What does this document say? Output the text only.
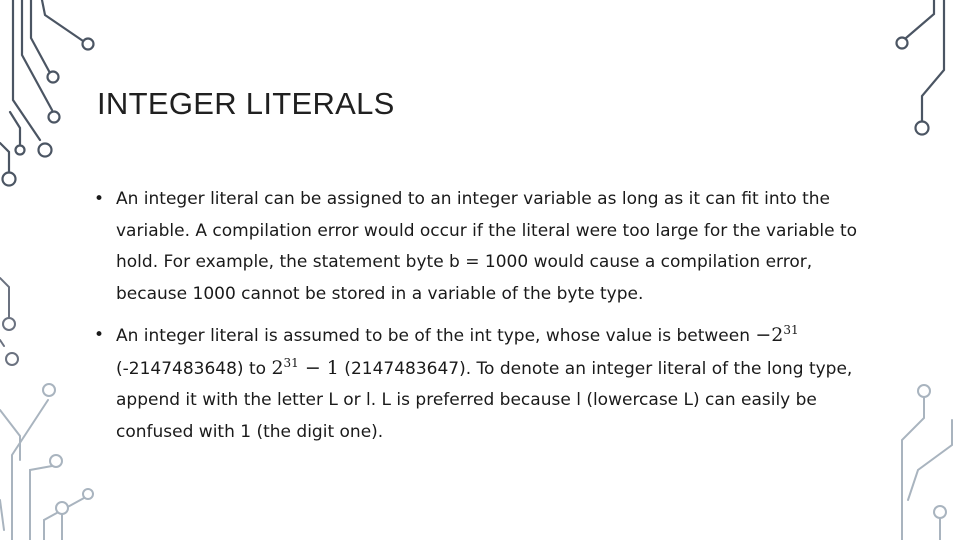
INTEGER LITERALS
• An integer literal can be assigned to an integer variable as long as it can fit into the variable. A compilation error would occur if the literal were too large for the variable to hold. For example, the statement byte b = 1000 would cause a compilation error, because 1000 cannot be stored in a variable of the byte type.
• An integer literal is assumed to be of the int type, whose value is between $-2^{31}$ (-2147483648) to $2^{31} - 1$ (2147483647). To denote an integer literal of the long type, append it with the letter L or l. L is preferred because l (lowercase L) can easily be confused with 1 (the digit one).
